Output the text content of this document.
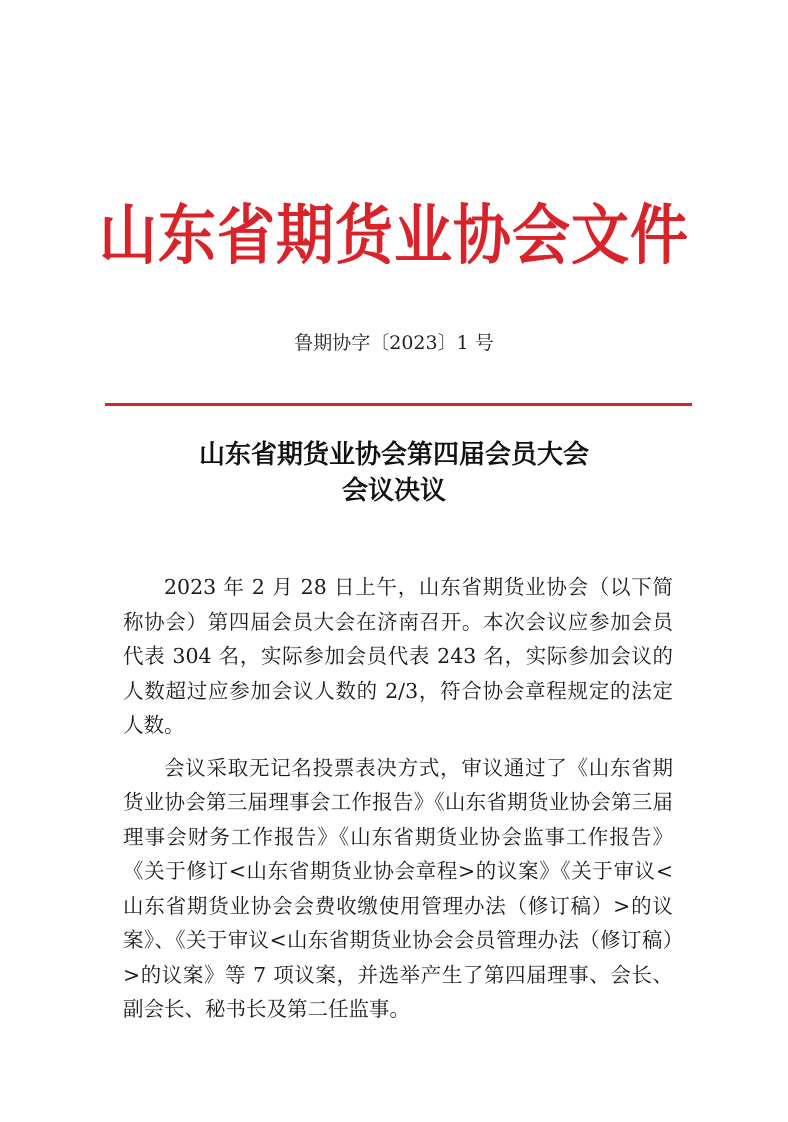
山东省期货业协会文件
鲁期协字〔2023〕1 号
山东省期货业协会第四届会员大会
会议决议

2023 年 2 月 28 日上午，山东省期货业协会（以下简称协会）第四届会员大会在济南召开。本次会议应参加会员代表 304 名，实际参加会员代表 243 名，实际参加会议的人数超过应参加会议人数的 2/3，符合协会章程规定的法定人数。

会议采取无记名投票表决方式，审议通过了《山东省期货业协会第三届理事会工作报告》《山东省期货业协会第三届理事会财务工作报告》《山东省期货业协会监事工作报告》《关于修订<山东省期货业协会章程>的议案》《关于审议<山东省期货业协会会费收缴使用管理办法（修订稿）>的议案》、《关于审议<山东省期货业协会会员管理办法（修订稿）>的议案》等 7 项议案，并选举产生了第四届理事、会长、副会长、秘书长及第二任监事。
